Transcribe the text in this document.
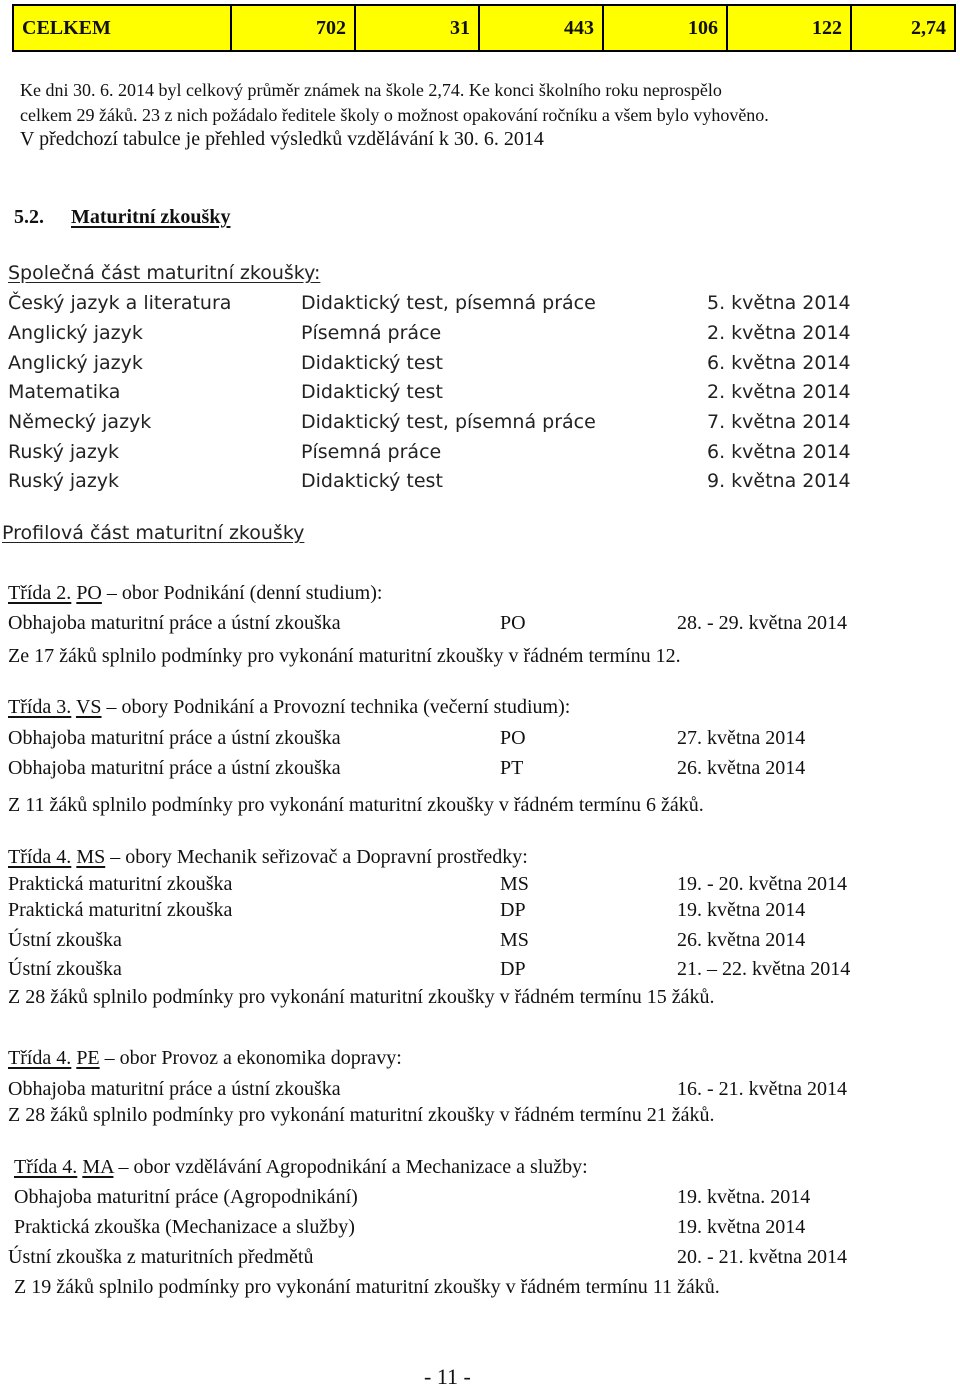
CELKEM	702	31	443	106	122	2,74
Ke dni 30. 6. 2014 byl celkový průměr známek na škole 2,74. Ke konci školního roku neprospělo
celkem 29 žáků. 23 z nich požádalo ředitele školy o možnost opakování ročníku a všem bylo vyhověno.
V předchozí tabulce je přehled výsledků vzdělávání k 30. 6. 2014
5.2. Maturitní zkoušky
Společná část maturitní zkoušky:
Český jazyk a literatura	Didaktický test, písemná práce	5. května 2014
Anglický jazyk	Písemná práce	2. května 2014
Anglický jazyk	Didaktický test	6. května 2014
Matematika	Didaktický test	2. května 2014
Německý jazyk	Didaktický test, písemná práce	7. května 2014
Ruský jazyk	Písemná práce	6. května 2014
Ruský jazyk	Didaktický test	9. května 2014
Profilová část maturitní zkoušky
Třída 2. PO – obor Podnikání (denní studium):
Obhajoba maturitní práce a ústní zkouška	PO	28. - 29. května 2014
Ze 17 žáků splnilo podmínky pro vykonání maturitní zkoušky v řádném termínu 12.
Třída 3. VS – obory Podnikání a Provozní technika (večerní studium):
Obhajoba maturitní práce a ústní zkouška	PO	27. května 2014
Obhajoba maturitní práce a ústní zkouška	PT	26. května 2014
Z 11 žáků splnilo podmínky pro vykonání maturitní zkoušky v řádném termínu 6 žáků.
Třída 4. MS – obory Mechanik seřizovač a Dopravní prostředky:
Praktická maturitní zkouška	MS	19. - 20. května 2014
Praktická maturitní zkouška	DP	19. května 2014
Ústní zkouška	MS	26. května 2014
Ústní zkouška	DP	21. – 22. května 2014
Z 28 žáků splnilo podmínky pro vykonání maturitní zkoušky v řádném termínu 15 žáků.
Třída 4. PE – obor Provoz a ekonomika dopravy:
Obhajoba maturitní práce a ústní zkouška	16. - 21. května 2014
Z 28 žáků splnilo podmínky pro vykonání maturitní zkoušky v řádném termínu 21 žáků.
Třída 4. MA – obor vzdělávání Agropodnikání a Mechanizace a služby:
Obhajoba maturitní práce (Agropodnikání)	19. května. 2014
Praktická zkouška (Mechanizace a služby)	19. května 2014
Ústní zkouška z maturitních předmětů	20. - 21. května 2014
Z 19 žáků splnilo podmínky pro vykonání maturitní zkoušky v řádném termínu 11 žáků.
- 11 -
